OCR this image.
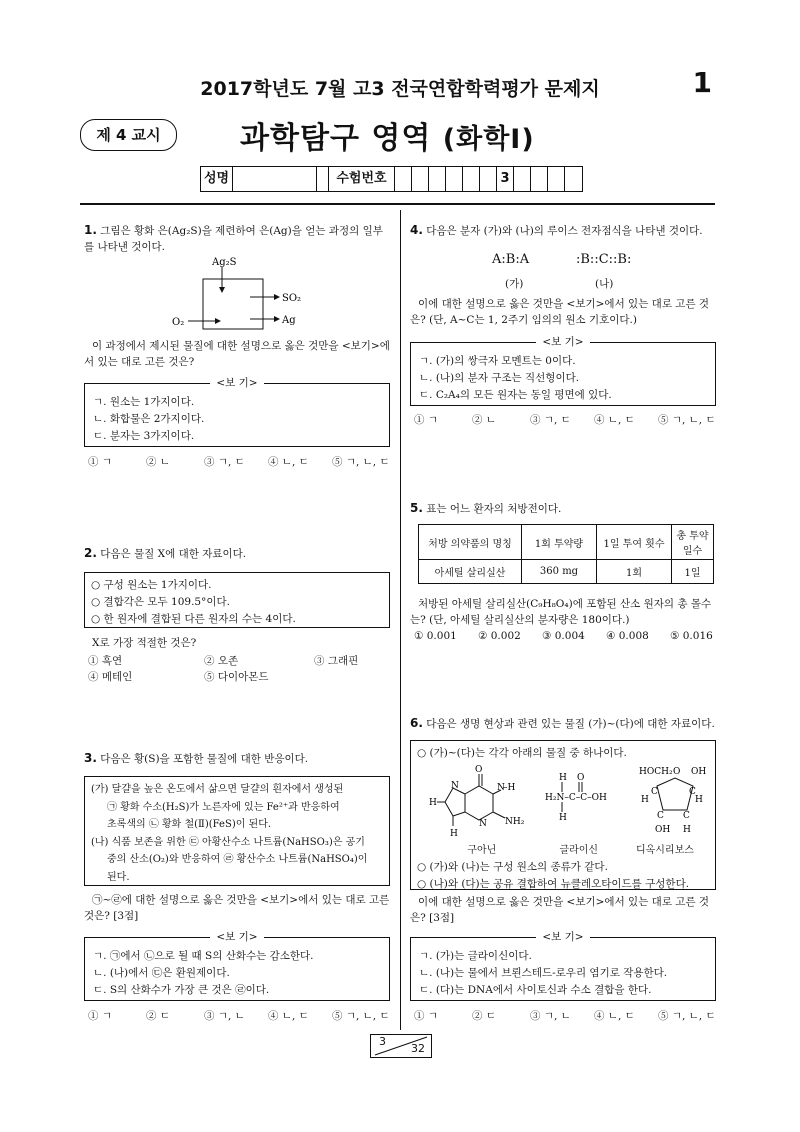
2017학년도 7월 고3 전국연합학력평가 문제지	1
제 4 교시	과학탐구 영역 (화학Ⅰ)
성명	수험번호	3
1. 그림은 황화 은(Ag₂S)을 제련하여 은(Ag)을 얻는 과정의 일부를 나타낸 것이다.
Ag₂S
O₂
SO₂
Ag
이 과정에서 제시된 물질에 대한 설명으로 옳은 것만을 <보기>에서 있는 대로 고른 것은?
<보 기>
ㄱ. 원소는 1가지이다.
ㄴ. 화합물은 2가지이다.
ㄷ. 분자는 3가지이다.
① ㄱ	② ㄴ	③ ㄱ, ㄷ	④ ㄴ, ㄷ	⑤ ㄱ, ㄴ, ㄷ
2. 다음은 물질 X에 대한 자료이다.
○ 구성 원소는 1가지이다.
○ 결합각은 모두 109.5°이다.
○ 한 원자에 결합된 다른 원자의 수는 4이다.
X로 가장 적절한 것은?
① 흑연	② 오존	③ 그래핀
④ 메테인	⑤ 다이아몬드
3. 다음은 황(S)을 포함한 물질에 대한 반응이다.
(가) 달걀을 높은 온도에서 삶으면 달걀의 흰자에서 생성된
㉠ 황화 수소(H₂S)가 노른자에 있는 Fe²⁺과 반응하여
초록색의 ㉡ 황화 철(Ⅱ)(FeS)이 된다.
(나) 식품 보존을 위한 ㉢ 아황산수소 나트륨(NaHSO₃)은 공기
중의 산소(O₂)와 반응하여 ㉣ 황산수소 나트륨(NaHSO₄)이
된다.
㉠~㉣에 대한 설명으로 옳은 것만을 <보기>에서 있는 대로 고른 것은? [3점]
<보 기>
ㄱ. ㉠에서 ㉡으로 될 때 S의 산화수는 감소한다.
ㄴ. (나)에서 ㉢은 환원제이다.
ㄷ. S의 산화수가 가장 큰 것은 ㉣이다.
① ㄱ	② ㄷ	③ ㄱ, ㄴ	④ ㄴ, ㄷ	⑤ ㄱ, ㄴ, ㄷ
4. 다음은 분자 (가)와 (나)의 루이스 전자점식을 나타낸 것이다.
A:B:A	:B::C::B:
(가)	(나)
이에 대한 설명으로 옳은 것만을 <보기>에서 있는 대로 고른 것은? (단, A~C는 1, 2주기 임의의 원소 기호이다.)
<보 기>
ㄱ. (가)의 쌍극자 모멘트는 0이다.
ㄴ. (나)의 분자 구조는 직선형이다.
ㄷ. C₂A₄의 모든 원자는 동일 평면에 있다.
① ㄱ	② ㄴ	③ ㄱ, ㄷ	④ ㄴ, ㄷ	⑤ ㄱ, ㄴ, ㄷ
5. 표는 어느 환자의 처방전이다.
처방 의약품의 명칭	1회 투약량	1일 투여 횟수	총 투약 일수
아세틸 살리실산	360 mg	1회	1일
처방된 아세틸 살리실산(C₉H₈O₄)에 포함된 산소 원자의 총 몰수는? (단, 아세틸 살리실산의 분자량은 180이다.)
① 0.001	② 0.002	③ 0.004	④ 0.008	⑤ 0.016
6. 다음은 생명 현상과 관련 있는 물질 (가)~(다)에 대한 자료이다.
○ (가)~(다)는 각각 아래의 물질 중 하나이다.
O
N
–H
NH₂
H
H
N
N
H O
H₂N–C–C–OH
H
HOCH₂ O OH
C	C
H	H
C C
OH H
구아닌	글라이신	디옥시리보스
○ (가)와 (나)는 구성 원소의 종류가 같다.
○ (나)와 (다)는 공유 결합하여 뉴클레오타이드를 구성한다.
이에 대한 설명으로 옳은 것만을 <보기>에서 있는 대로 고른 것은? [3점]
<보 기>
ㄱ. (가)는 글라이신이다.
ㄴ. (나)는 물에서 브뢴스테드-로우리 염기로 작용한다.
ㄷ. (다)는 DNA에서 사이토신과 수소 결합을 한다.
① ㄱ	② ㄷ	③ ㄱ, ㄴ	④ ㄴ, ㄷ	⑤ ㄱ, ㄴ, ㄷ
3
32
